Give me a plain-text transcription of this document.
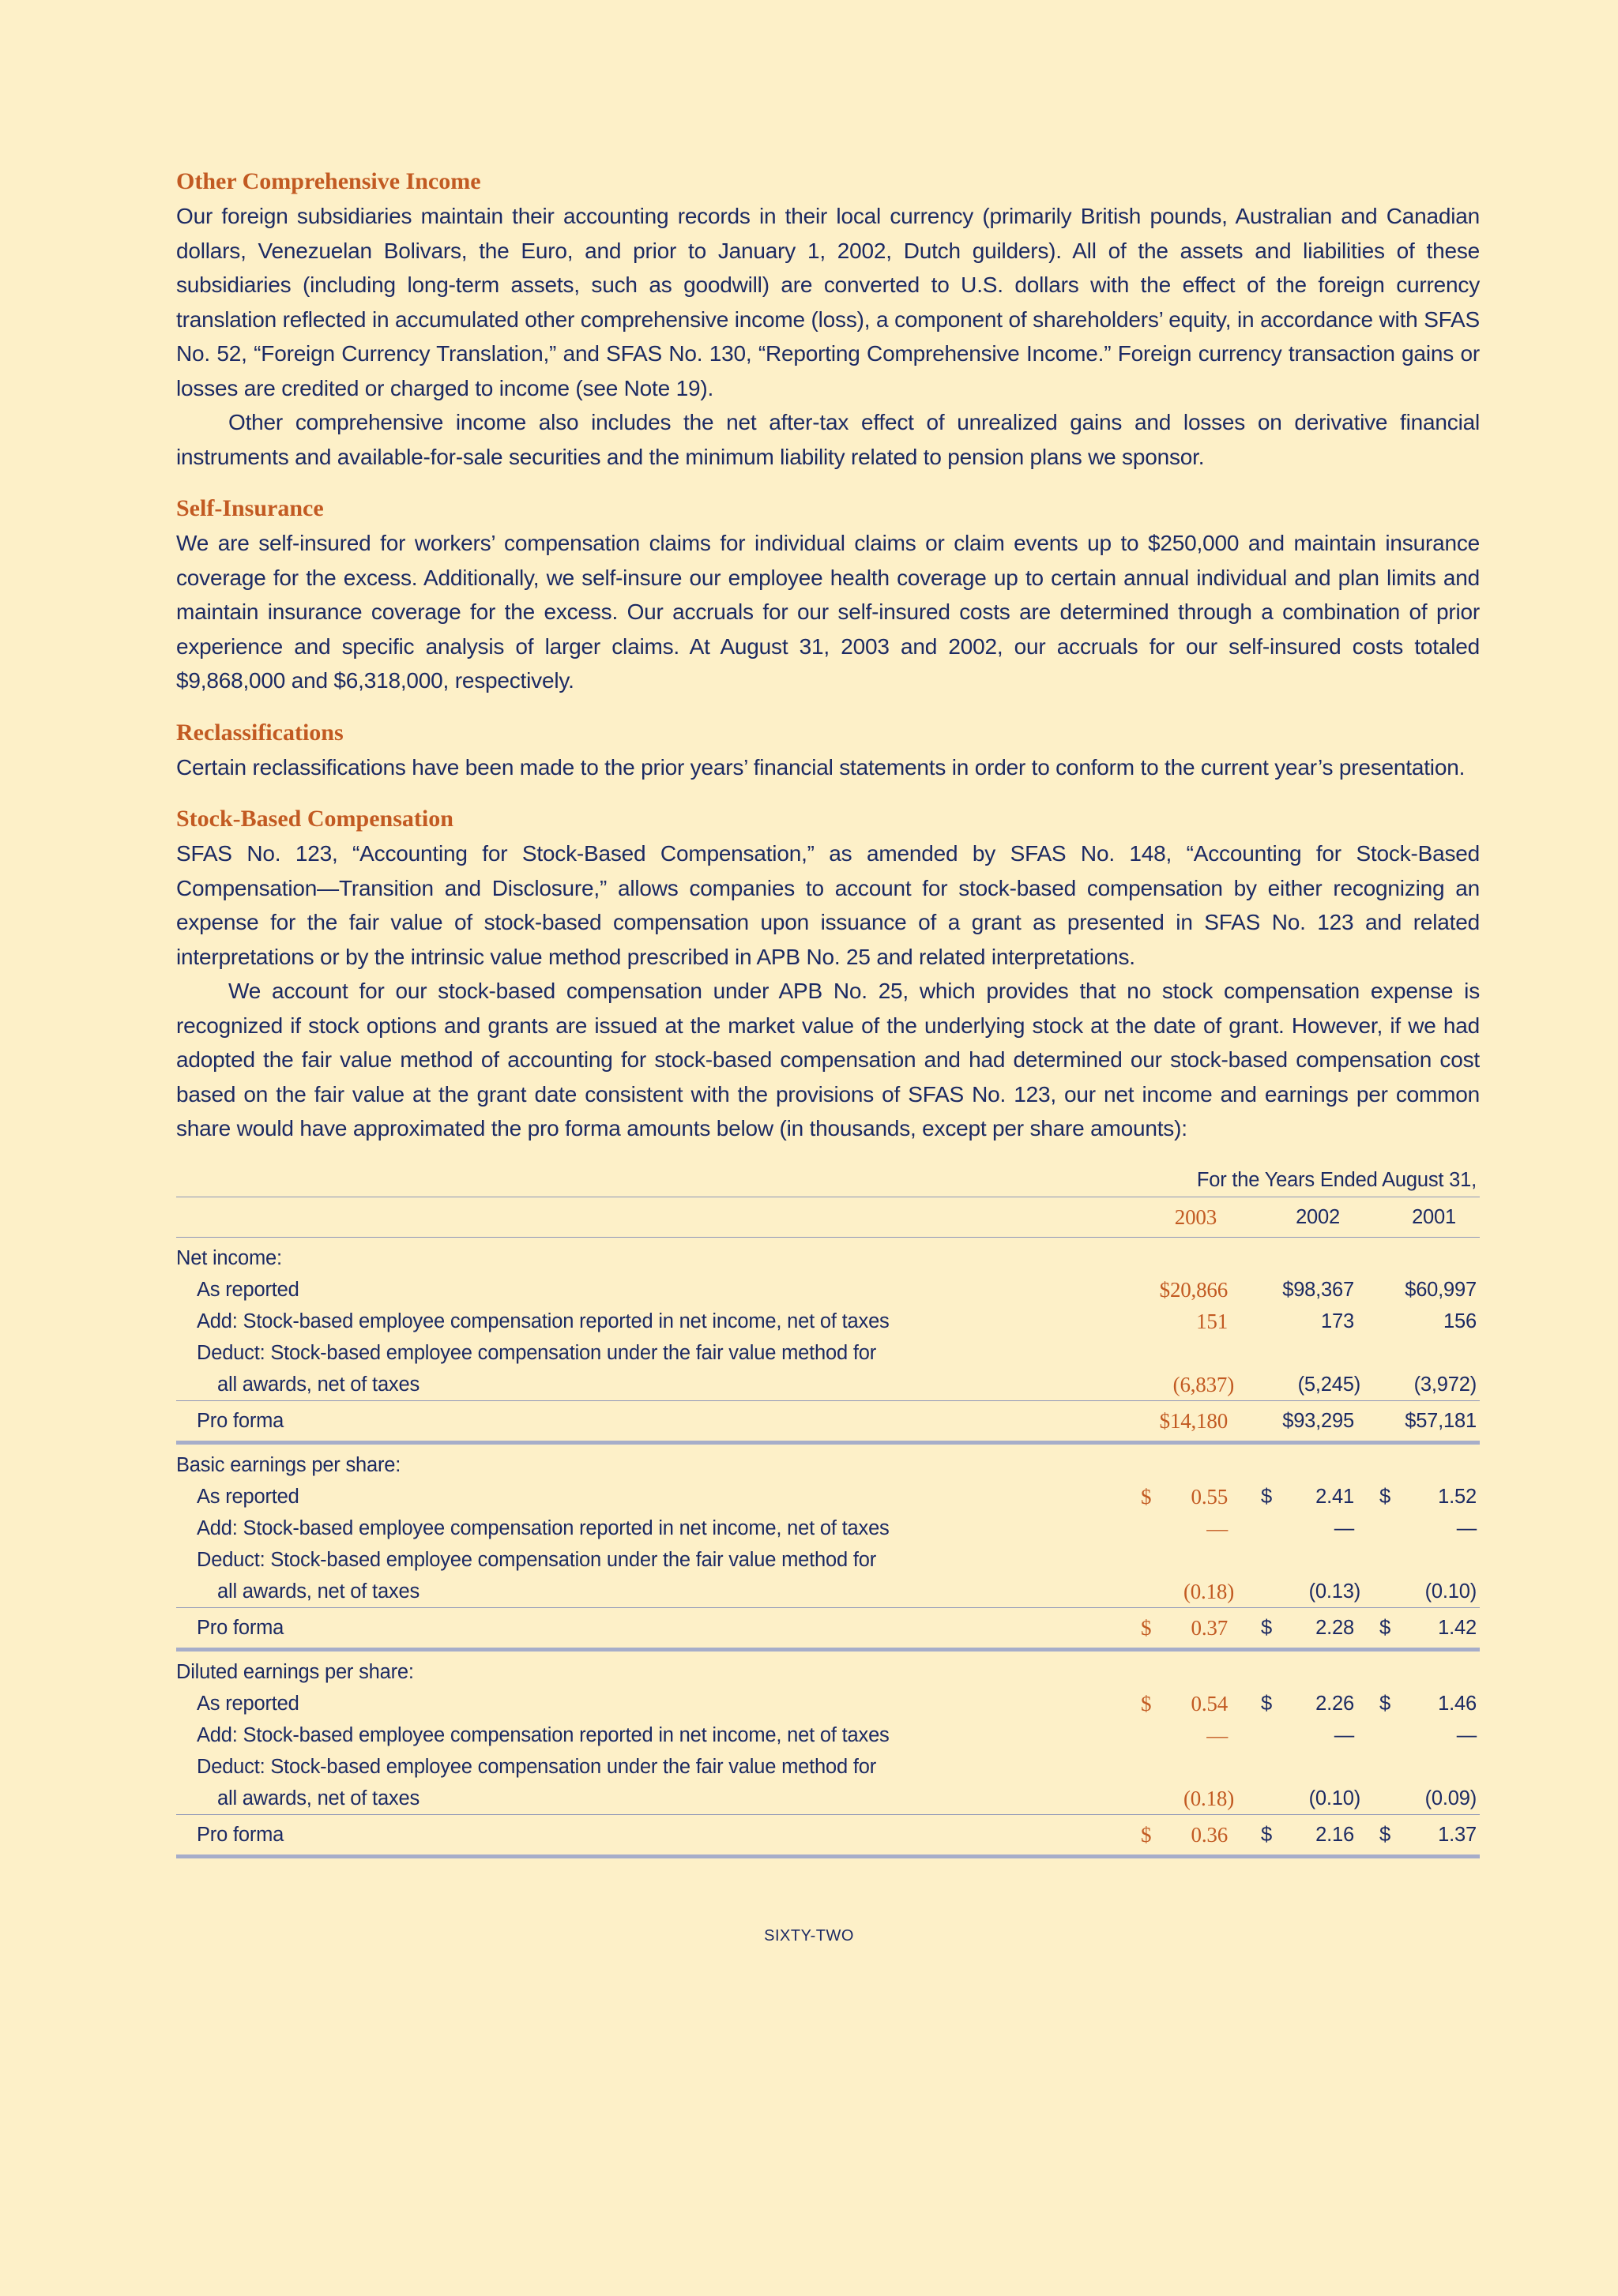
Other Comprehensive Income

Our foreign subsidiaries maintain their accounting records in their local currency (primarily British pounds, Australian and Canadian dollars, Venezuelan Bolivars, the Euro, and prior to January 1, 2002, Dutch guilders). All of the assets and liabilities of these subsidiaries (including long-term assets, such as goodwill) are converted to U.S. dollars with the effect of the foreign currency translation reflected in accumulated other comprehensive income (loss), a component of shareholders’ equity, in accordance with SFAS No. 52, “Foreign Currency Translation,” and SFAS No. 130, “Reporting Comprehensive Income.” Foreign currency transaction gains or losses are credited or charged to income (see Note 19).

Other comprehensive income also includes the net after-tax effect of unrealized gains and losses on derivative financial instruments and available-for-sale securities and the minimum liability related to pension plans we sponsor.

Self-Insurance

We are self-insured for workers’ compensation claims for individual claims or claim events up to $250,000 and maintain insurance coverage for the excess. Additionally, we self-insure our employee health coverage up to certain annual individual and plan limits and maintain insurance coverage for the excess. Our accruals for our self-insured costs are determined through a combination of prior experience and specific analysis of larger claims. At August 31, 2003 and 2002, our accruals for our self-insured costs totaled $9,868,000 and $6,318,000, respectively.

Reclassifications

Certain reclassifications have been made to the prior years’ financial statements in order to conform to the current year’s presentation.

Stock-Based Compensation

SFAS No. 123, “Accounting for Stock-Based Compensation,” as amended by SFAS No. 148, “Accounting for Stock-Based Compensation—Transition and Disclosure,” allows companies to account for stock-based compensation by either recognizing an expense for the fair value of stock-based compensation upon issuance of a grant as presented in SFAS No. 123 and related interpretations or by the intrinsic value method prescribed in APB No. 25 and related interpretations.

We account for our stock-based compensation under APB No. 25, which provides that no stock compensation expense is recognized if stock options and grants are issued at the market value of the underlying stock at the date of grant. However, if we had adopted the fair value method of accounting for stock-based compensation and had determined our stock-based compensation cost based on the fair value at the grant date consistent with the provisions of SFAS No. 123, our net income and earnings per common share would have approximated the pro forma amounts below (in thousands, except per share amounts):

For the Years Ended August 31,
2003	2002	2001
Net income:
As reported	$20,866	$98,367	$60,997
Add: Stock-based employee compensation reported in net income, net of taxes	151	173	156
Deduct: Stock-based employee compensation under the fair value method for
all awards, net of taxes	(6,837)	(5,245)	(3,972)
Pro forma	$14,180	$93,295	$57,181
Basic earnings per share:
As reported	$ 0.55 $ 2.41 $ 1.52
Add: Stock-based employee compensation reported in net income, net of taxes	—	—	—
Deduct: Stock-based employee compensation under the fair value method for
all awards, net of taxes	(0.18)	(0.13)	(0.10)
Pro forma	$ 0.37 $ 2.28 $ 1.42
Diluted earnings per share:
As reported	$ 0.54 $ 2.26 $ 1.46
Add: Stock-based employee compensation reported in net income, net of taxes	—	—	—
Deduct: Stock-based employee compensation under the fair value method for
all awards, net of taxes	(0.18)	(0.10)	(0.09)
Pro forma	$ 0.36 $ 2.16 $ 1.37
SIXTY-TWO
